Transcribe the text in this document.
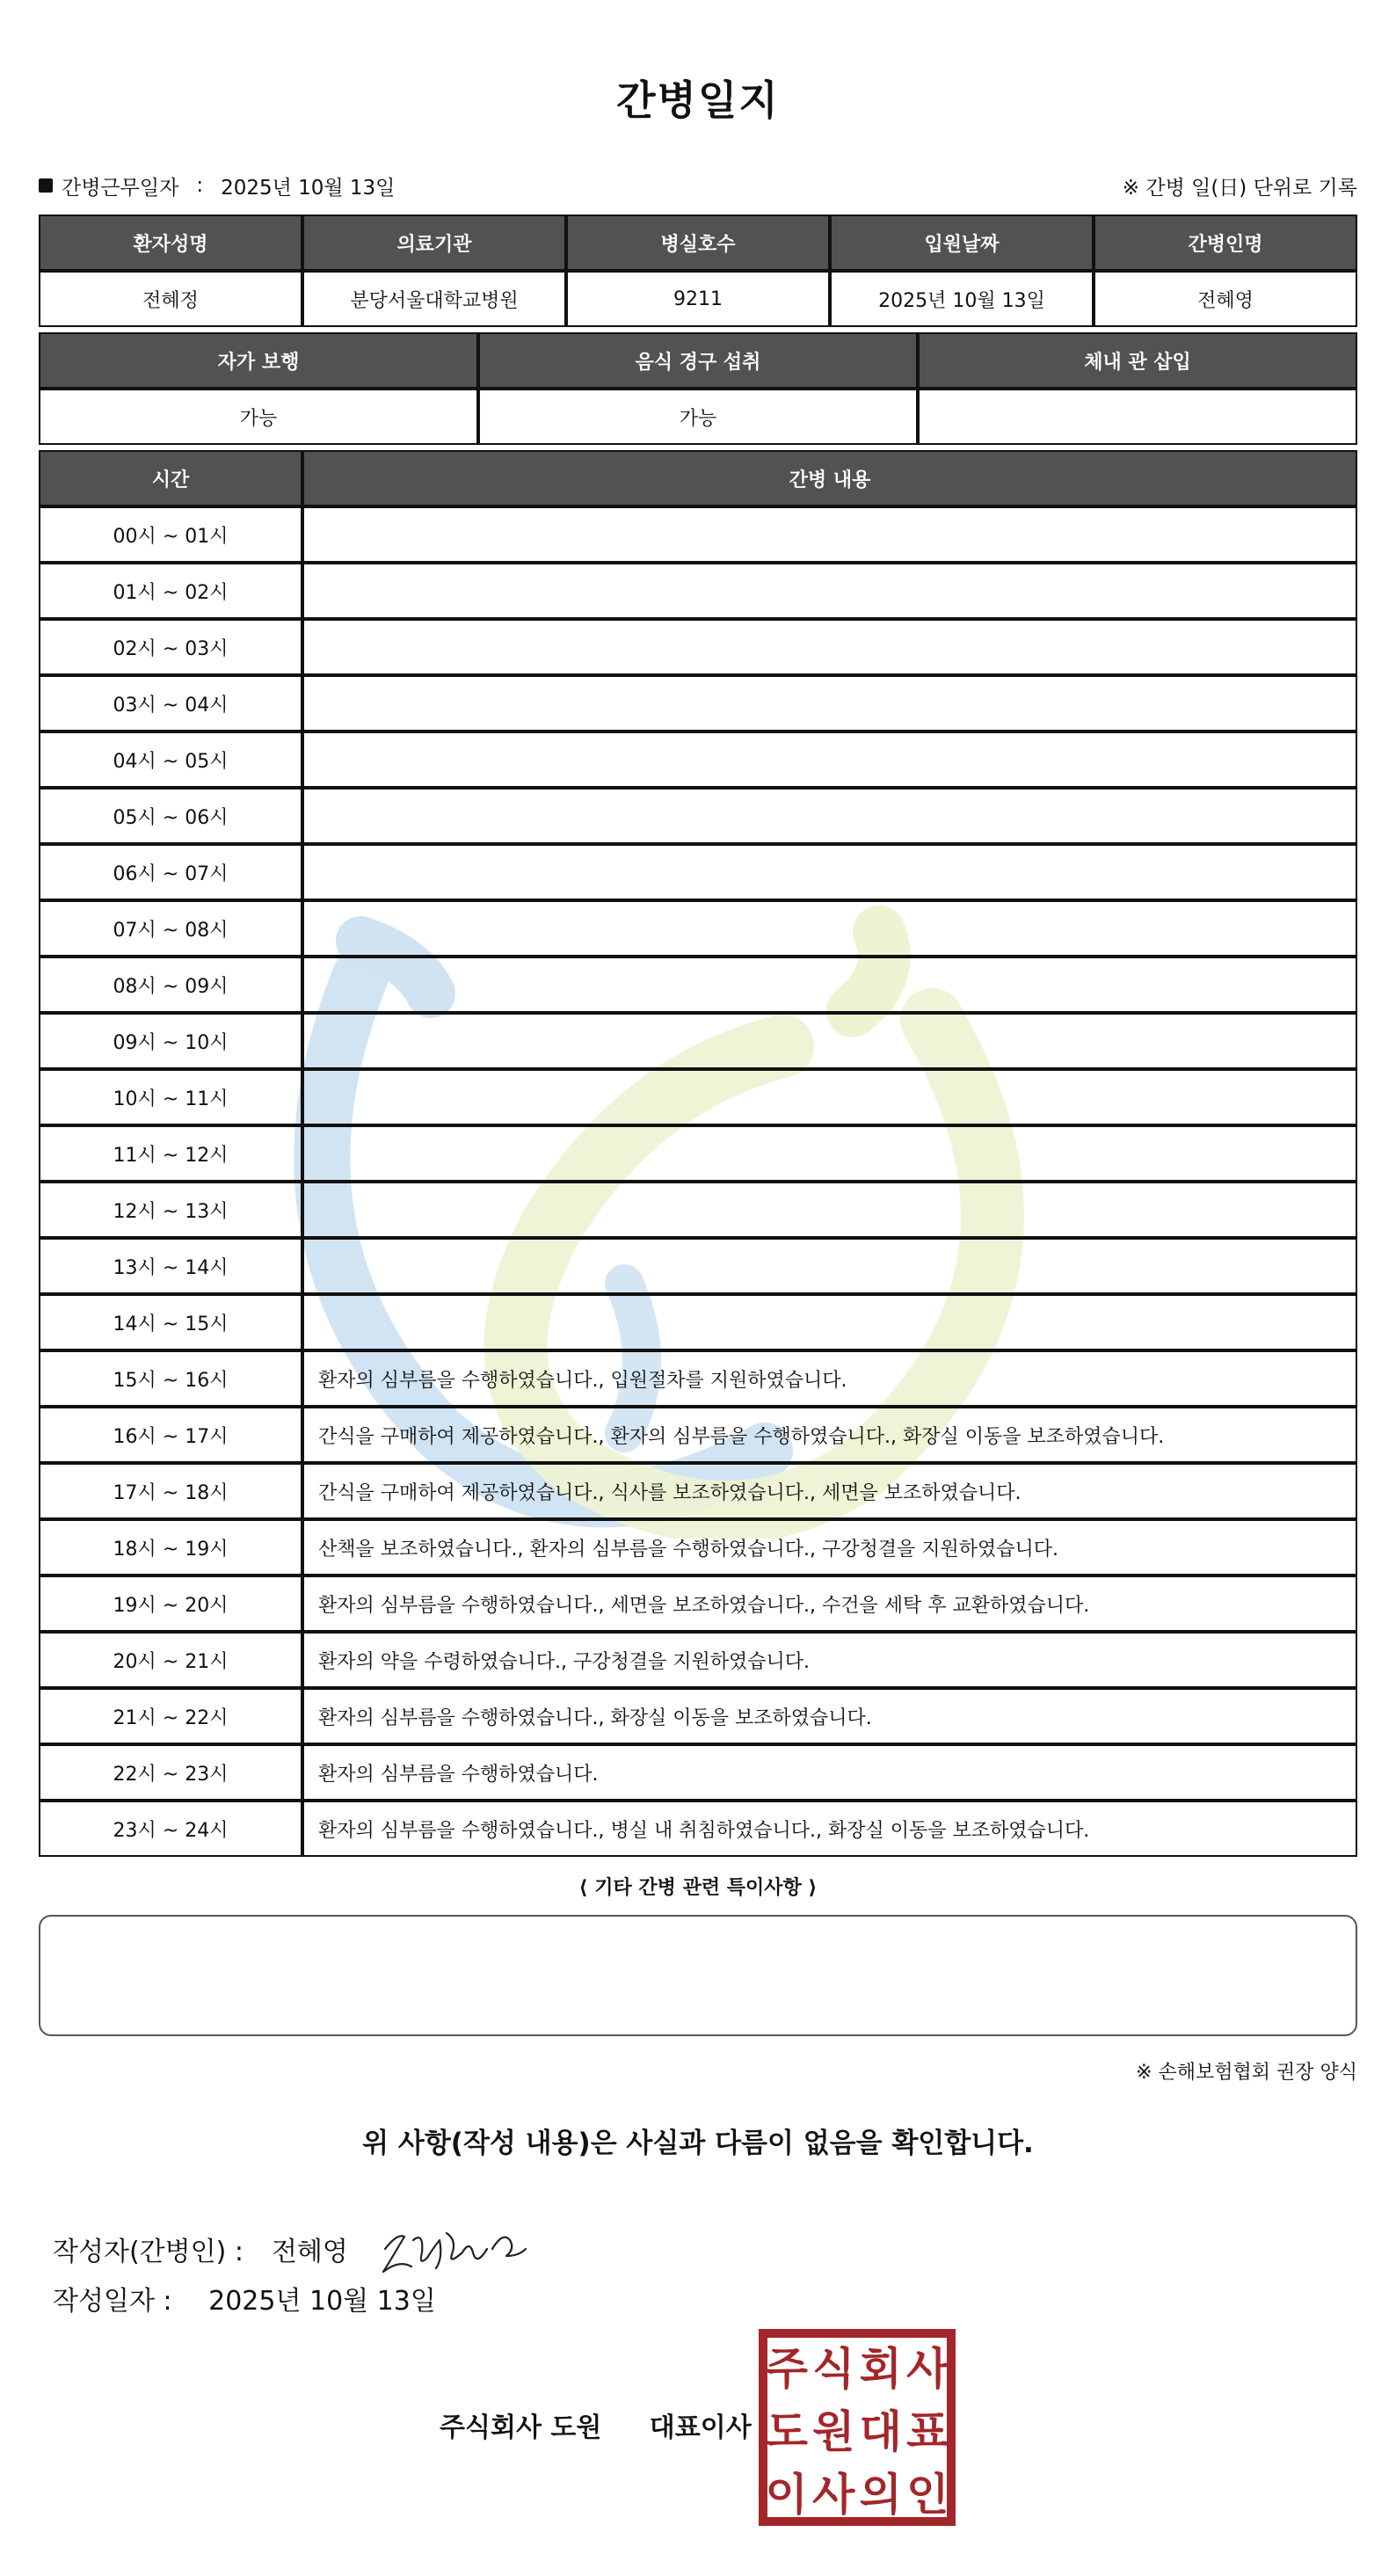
간병일지
간병근무일자 : 2025년 10월 13일	※ 간병 일(日) 단위로 기록
환자성명	의료기관	병실호수	입원날짜	간병인명
전혜정	분당서울대학교병원	9211	2025년 10월 13일	전혜영
자가 보행	음식 경구 섭취	체내 관 삽입
가능	가능	
시간	간병 내용
00시 ~ 01시	
01시 ~ 02시	
02시 ~ 03시	
03시 ~ 04시	
04시 ~ 05시	
05시 ~ 06시	
06시 ~ 07시	
07시 ~ 08시	
08시 ~ 09시	
09시 ~ 10시	
10시 ~ 11시	
11시 ~ 12시	
12시 ~ 13시	
13시 ~ 14시	
14시 ~ 15시	
15시 ~ 16시	환자의 심부름을 수행하였습니다., 입원절차를 지원하였습니다.
16시 ~ 17시	간식을 구매하여 제공하였습니다., 환자의 심부름을 수행하였습니다., 화장실 이동을 보조하였습니다.
17시 ~ 18시	간식을 구매하여 제공하였습니다., 식사를 보조하였습니다., 세면을 보조하였습니다.
18시 ~ 19시	산책을 보조하였습니다., 환자의 심부름을 수행하였습니다., 구강청결을 지원하였습니다.
19시 ~ 20시	환자의 심부름을 수행하였습니다., 세면을 보조하였습니다., 수건을 세탁 후 교환하였습니다.
20시 ~ 21시	환자의 약을 수령하였습니다., 구강청결을 지원하였습니다.
21시 ~ 22시	환자의 심부름을 수행하였습니다., 화장실 이동을 보조하였습니다.
22시 ~ 23시	환자의 심부름을 수행하였습니다.
23시 ~ 24시	환자의 심부름을 수행하였습니다., 병실 내 취침하였습니다., 화장실 이동을 보조하였습니다.
⟨ 기타 간병 관련 특이사항 ⟩
※ 손해보험협회 권장 양식
위 사항(작성 내용)은 사실과 다름이 없음을 확인합니다.
작성자(간병인) : 전혜영
작성일자 : 2025년 10월 13일
주식회사 도원 대표이사
주 식 회 사
도 원 대 표
이 사 의 인
